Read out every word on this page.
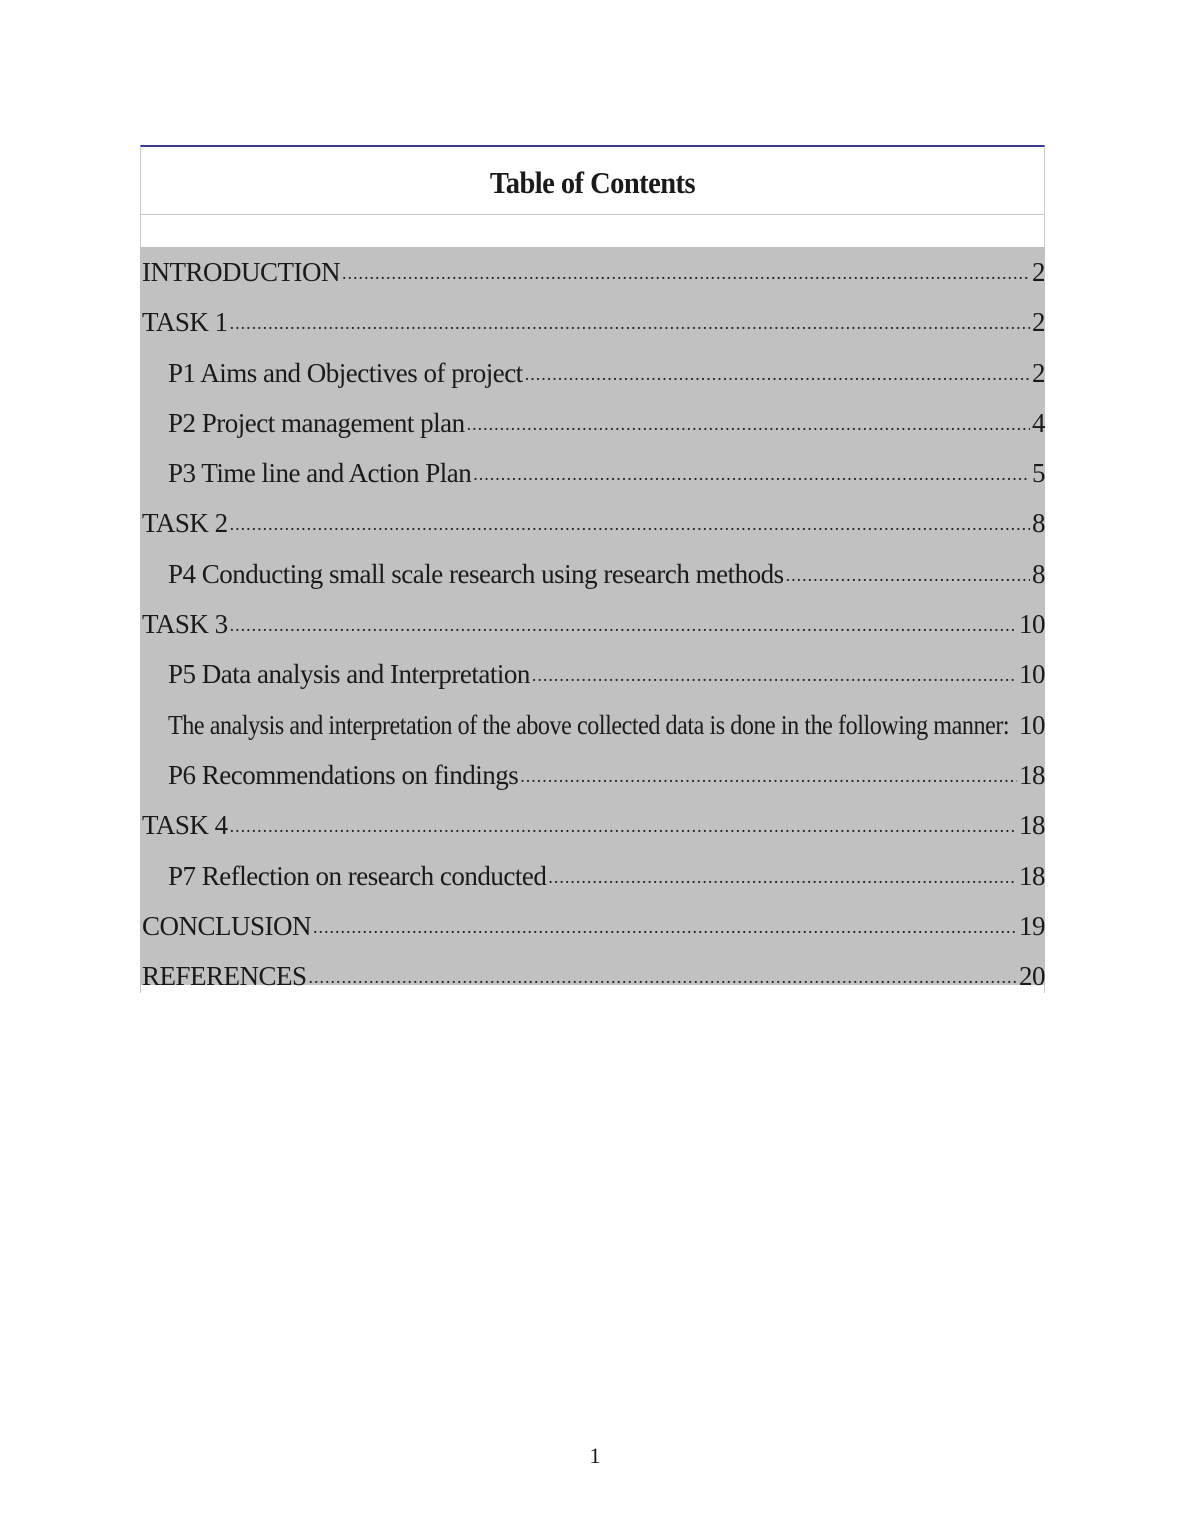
Table of Contents
INTRODUCTION .....	2
TASK 1 .....	2
P1 Aims and Objectives of project .....	2
P2 Project management plan .....	4
P3 Time line and Action Plan .....	5
TASK 2 .....	8
P4 Conducting small scale research using research methods .....	8
TASK 3 .....	10
P5 Data analysis and Interpretation .....	10
The analysis and interpretation of the above collected data is done in the following manner: 10
P6 Recommendations on findings .....	18
TASK 4 .....	18
P7 Reflection on research conducted .....	18
CONCLUSION .....	19
REFERENCES .....	20
1
